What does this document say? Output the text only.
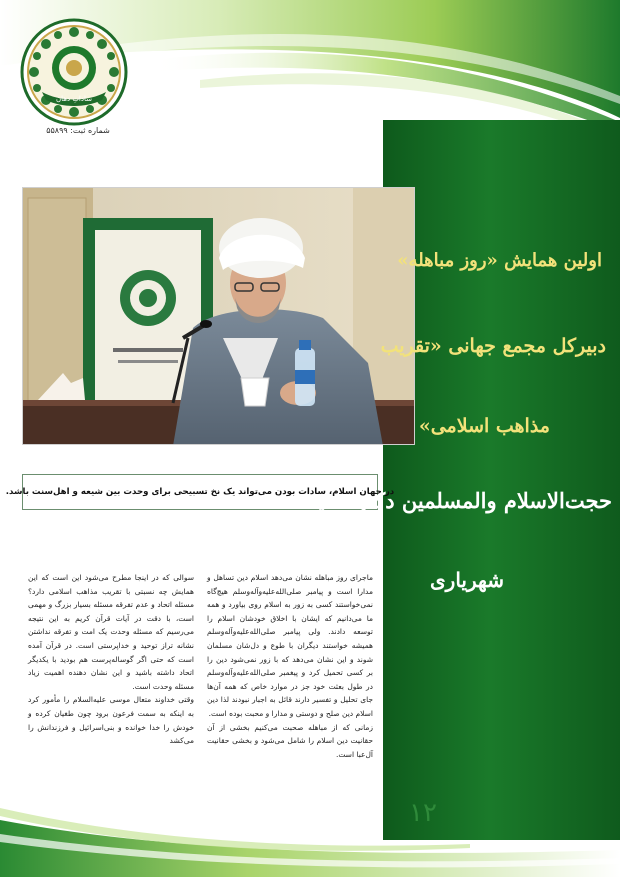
ساداتِ دهان
شماره ثبت: ۵۵۸۹۹
در جهان اسلام، سادات بودن می‌تواند یک نخ تسبیحی برای وحدت بین شیعه و اهل‌سنت باشد.
اولین همایش «روز مباهله»
دبیرکل مجمع جهانی «تقریب
مذاهب اسلامی»
حجت‌الاسلام والمسلمین دکتر حمید
شهریاری
۱۲

ماجرای روز مباهله نشان می‌دهد اسلام دین تساهل و مدارا است و پیامبر صلی‌الله‌علیه‌وآله‌وسلم هیچ‌گاه نمی‌خواستند کسی به زور به اسلام روی بیاورد و همه ما می‌دانیم که ایشان با اخلاق خودشان اسلام را توسعه دادند. ولی پیامبر صلی‌الله‌علیه‌وآله‌وسلم همیشه خواستند دیگران با طوع و دل‌شان مسلمان شوند و این نشان می‌دهد که با زور نمی‌شود دین را بر کسی تحمیل کرد و پیغمبر صلی‌الله‌علیه‌وآله‌وسلم در طول بعثت خود جز در موارد خاص که همه آن‌ها جای تحلیل و تفسیر دارند قائل به اجبار نبودند لذا دین اسلام دین صلح و دوستی و مدارا و محبت بوده است.

زمانی که از مباهله صحبت می‌کنیم بخشی از آن حقانیت دین اسلام را شامل می‌شود و بخشی حقانیت آل‌عبا است.

سوالی که در اینجا مطرح می‌شود این است که این همایش چه نسبتی با تقریب مذاهب اسلامی دارد؟ مسئله اتحاد و عدم تفرقه مسئله بسیار بزرگ و مهمی است، با دقت در آیات قرآن کریم به این نتیجه می‌رسیم که مسئله وحدت یک امت و تفرقه نداشتن نشانه تراز توحید و خداپرستی است. در قرآن آمده است که حتی اگر گوساله‌پرست هم بودید با یکدیگر اتحاد داشته باشید و این نشان دهنده اهمیت زیاد مسئله وحدت است.

وقتی خداوند متعال موسی علیه‌السلام را مأمور کرد به اینکه به سمت فرعون برود چون طغیان کرده و خودش را خدا خوانده و بنی‌اسرائیل و فرزندانش را می‌کشد
